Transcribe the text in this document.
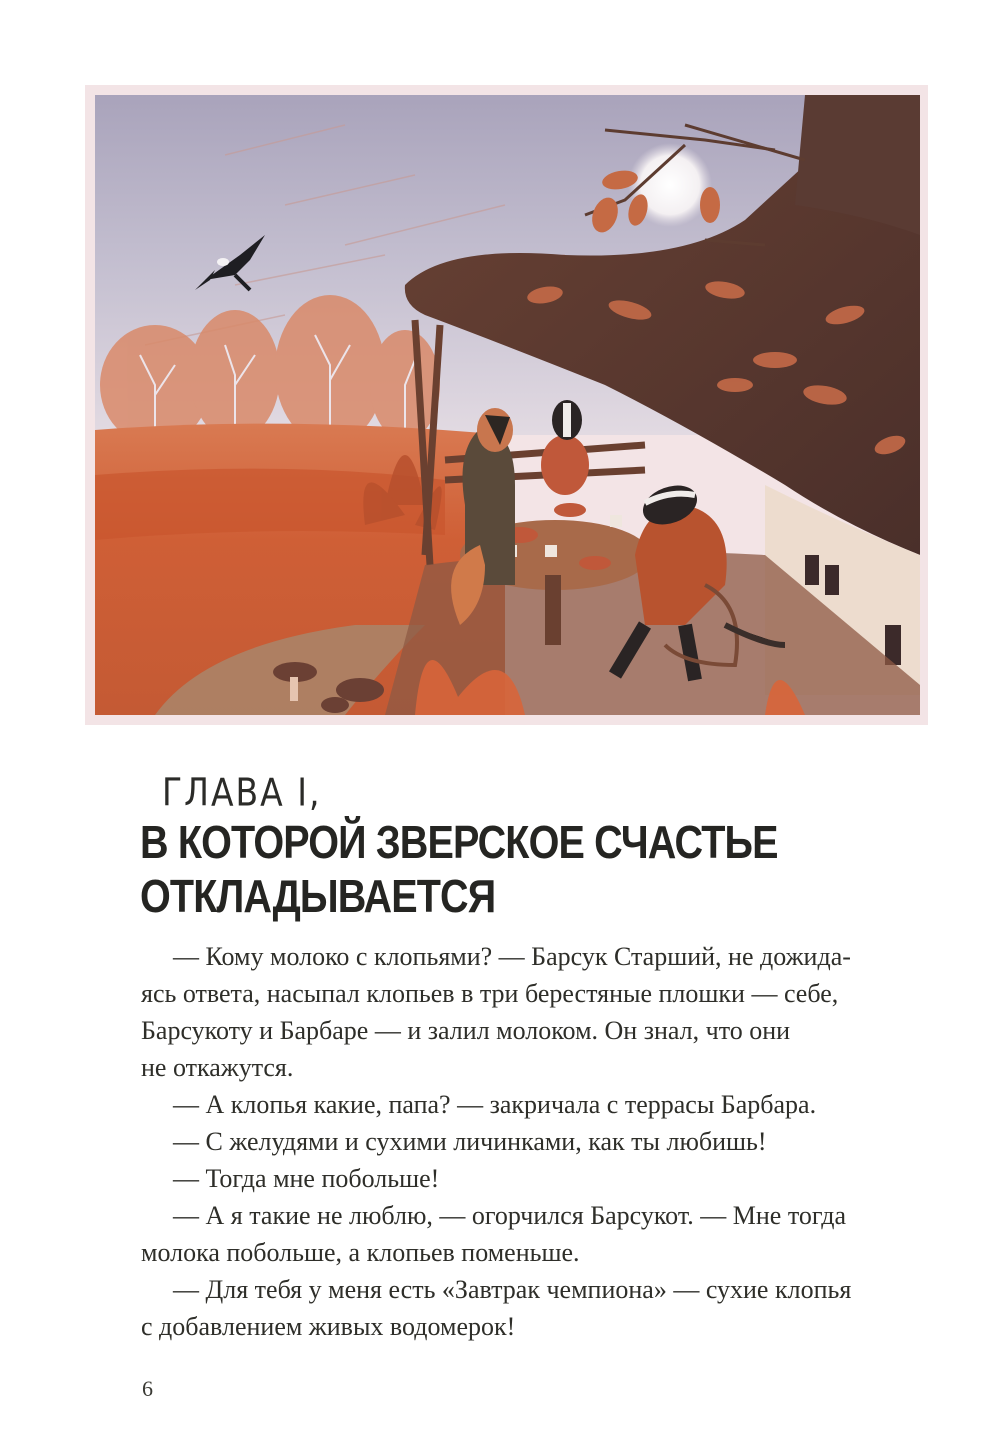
ГЛАВА I,
В КОТОРОЙ ЗВЕРСКОЕ СЧАСТЬЕ
ОТКЛАДЫВАЕТСЯ

— Кому молоко с клопьями? — Барсук Старший, не дожида-

ясь ответа, насыпал клопьев в три берестяные плошки — себе,

Барсукоту и Барбаре — и залил молоком. Он знал, что они

не откажутся.

— А клопья какие, папа? — закричала с террасы Барбара.

— С желудями и сухими личинками, как ты любишь!

— Тогда мне побольше!

— А я такие не люблю, — огорчился Барсукот. — Мне тогда

молока побольше, а клопьев поменьше.

— Для тебя у меня есть «Завтрак чемпиона» — сухие клопья

с добавлением живых водомерок!

6
